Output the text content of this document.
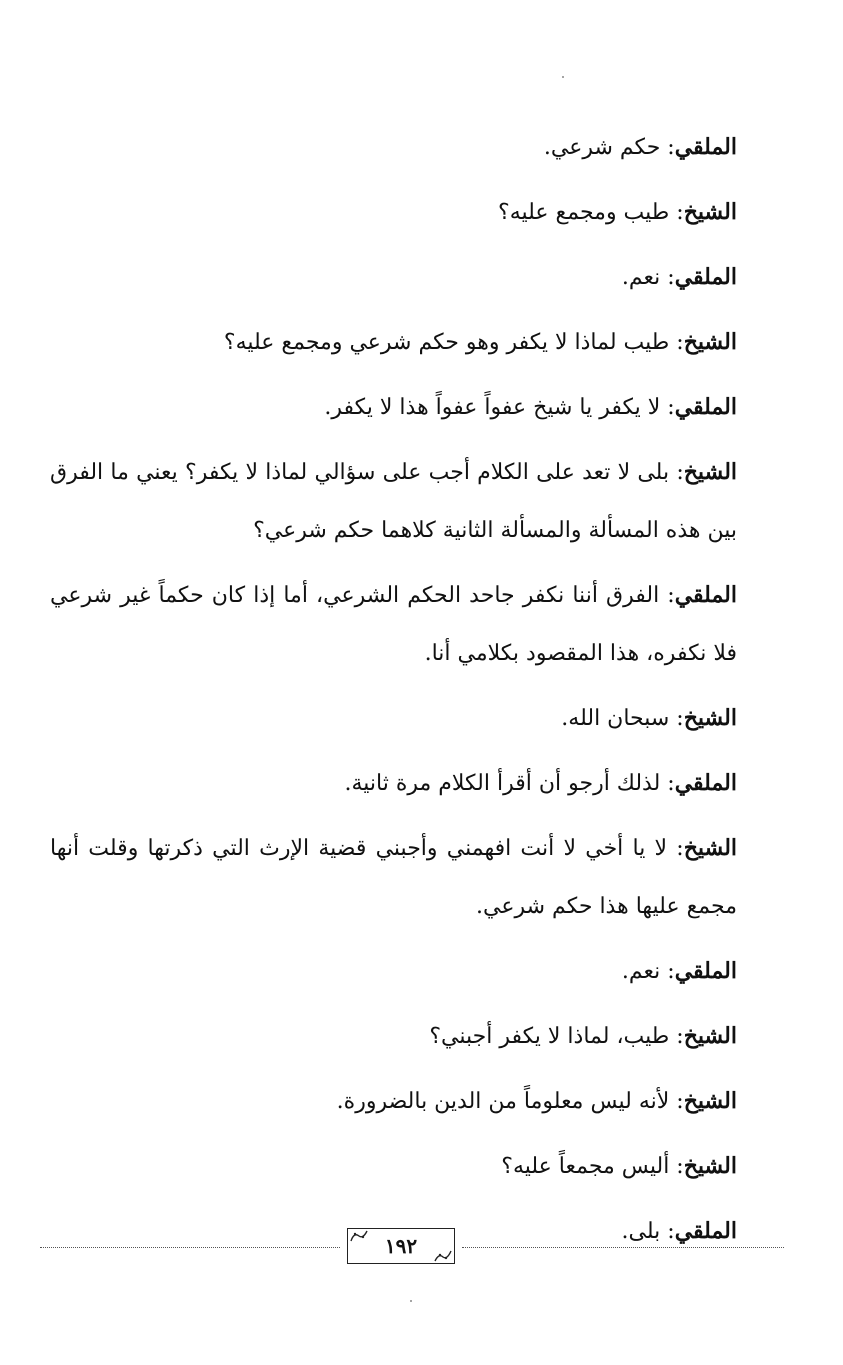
الملقي: حكم شرعي.

الشيخ: طيب ومجمع عليه؟

الملقي: نعم.

الشيخ: طيب لماذا لا يكفر وهو حكم شرعي ومجمع عليه؟

الملقي: لا يكفر يا شيخ عفواً عفواً هذا لا يكفر.

الشيخ: بلى لا تعد على الكلام أجب على سؤالي لماذا لا يكفر؟ يعني ما الفرق بين هذه المسألة والمسألة الثانية كلاهما حكم شرعي؟

الملقي: الفرق أننا نكفر جاحد الحكم الشرعي، أما إذا كان حكماً غير شرعي فلا نكفره، هذا المقصود بكلامي أنا.

الشيخ: سبحان الله.

الملقي: لذلك أرجو أن أقرأ الكلام مرة ثانية.

الشيخ: لا يا أخي لا أنت افهمني وأجبني قضية الإرث التي ذكرتها وقلت أنها مجمع عليها هذا حكم شرعي.

الملقي: نعم.

الشيخ: طيب، لماذا لا يكفر أجبني؟

الشيخ: لأنه ليس معلوماً من الدين بالضرورة.

الشيخ: أليس مجمعاً عليه؟

الملقي: بلى.

١٩٢
